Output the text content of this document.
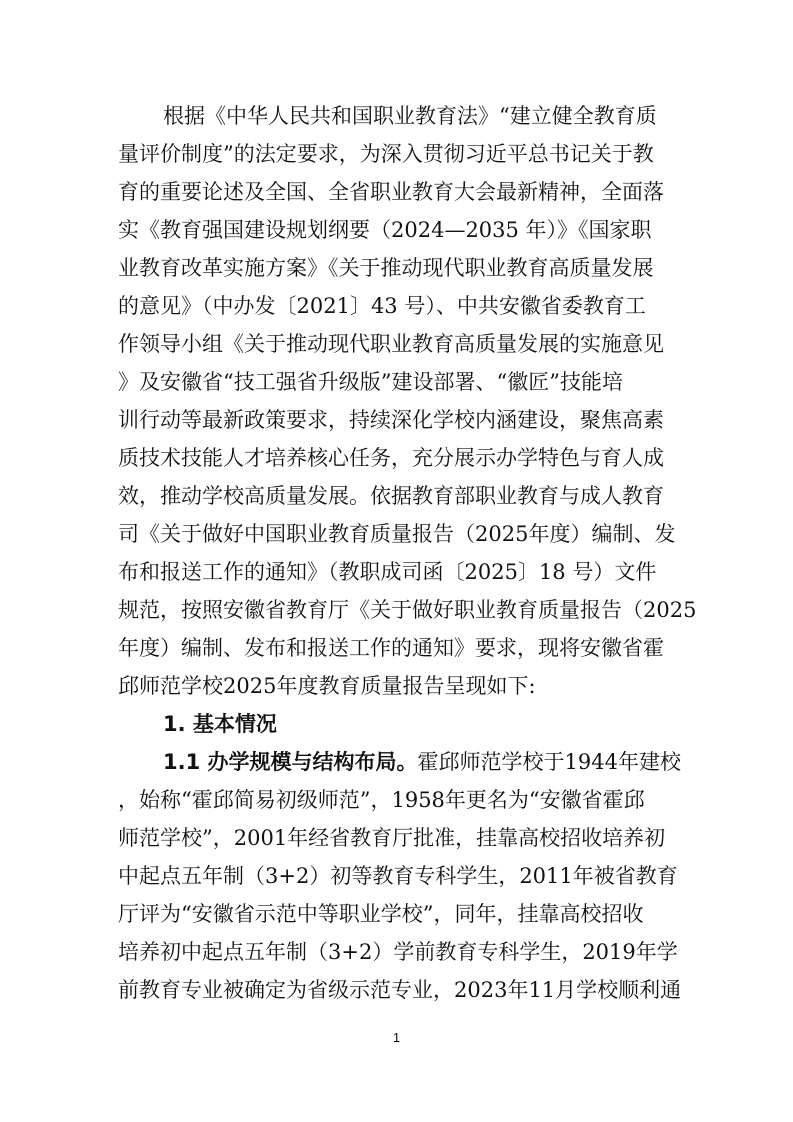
根据《中华人民共和国职业教育法》“建立健全教育质
量评价制度”的法定要求，为深入贯彻习近平总书记关于教
育的重要论述及全国、全省职业教育大会最新精神，全面落
实《教育强国建设规划纲要（2024—2035 年）》《国家职
业教育改革实施方案》《关于推动现代职业教育高质量发展
的意见》（中办发〔2021〕43 号）、中共安徽省委教育工
作领导小组《关于推动现代职业教育高质量发展的实施意见
》及安徽省“技工强省升级版”建设部署、“徽匠”技能培
训行动等最新政策要求，持续深化学校内涵建设，聚焦高素
质技术技能人才培养核心任务，充分展示办学特色与育人成
效，推动学校高质量发展。依据教育部职业教育与成人教育
司《关于做好中国职业教育质量报告（2025年度）编制、发
布和报送工作的通知》（教职成司函〔2025〕18 号）文件
规范，按照安徽省教育厅《关于做好职业教育质量报告（2025
年度）编制、发布和报送工作的通知》要求，现将安徽省霍
邱师范学校2025年度教育质量报告呈现如下:
1. 基本情况
1.1 办学规模与结构布局。霍邱师范学校于1944年建校
，始称“霍邱简易初级师范”，1958年更名为“安徽省霍邱
师范学校”，2001年经省教育厅批准，挂靠高校招收培养初
中起点五年制（3+2）初等教育专科学生，2011年被省教育
厅评为“安徽省示范中等职业学校”，同年，挂靠高校招收
培养初中起点五年制（3+2）学前教育专科学生，2019年学
前教育专业被确定为省级示范专业，2023年11月学校顺利通
1
